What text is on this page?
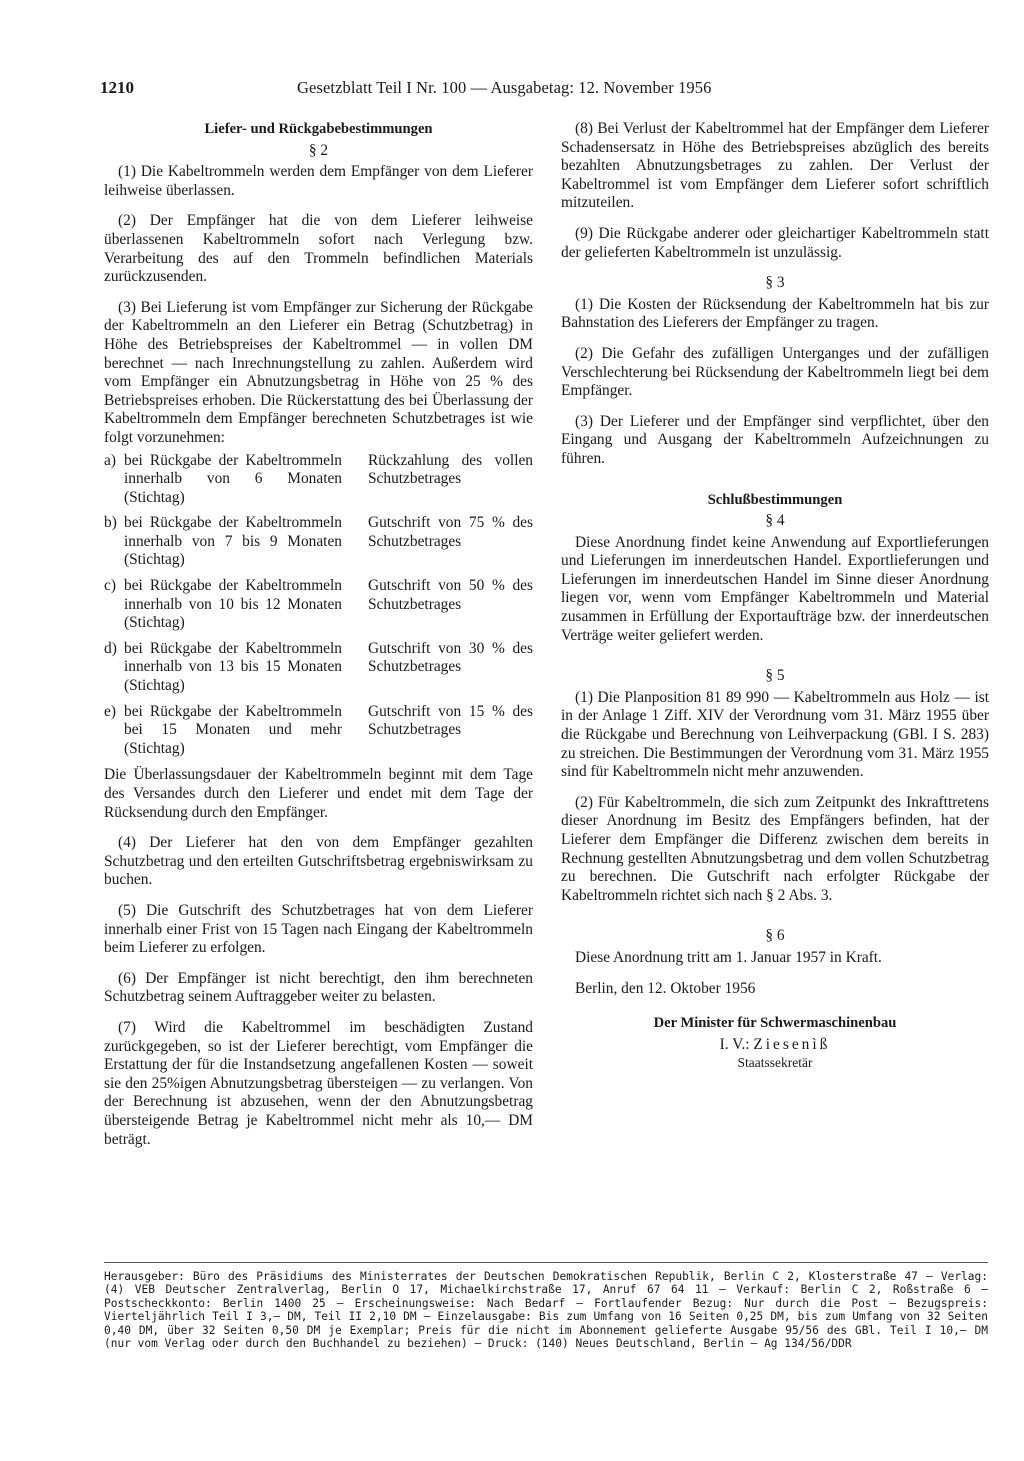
1210	Gesetzblatt Teil I Nr. 100 — Ausgabetag: 12. November 1956
Liefer- und Rückgabebestimmungen
§ 2

(1) Die Kabeltrommeln werden dem Empfänger von dem Lieferer leihweise überlassen.

(2) Der Empfänger hat die von dem Lieferer leihweise überlassenen Kabeltrommeln sofort nach Verlegung bzw. Verarbeitung des auf den Trommeln befindlichen Materials zurückzusenden.

(3) Bei Lieferung ist vom Empfänger zur Sicherung der Rückgabe der Kabeltrommeln an den Lieferer ein Betrag (Schutzbetrag) in Höhe des Betriebspreises der Kabeltrommel — in vollen DM berechnet — nach Inrechnungstellung zu zahlen. Außerdem wird vom Empfänger ein Abnutzungsbetrag in Höhe von 25 % des Betriebspreises erhoben. Die Rückerstattung des bei Überlassung der Kabeltrommeln dem Empfänger berechneten Schutzbetrages ist wie folgt vorzunehmen:

a) bei Rückgabe der Kabeltrommeln innerhalb von 6 Monaten (Stichtag)
Rückzahlung des vollen Schutzbetrages
b) bei Rückgabe der Kabeltrommeln innerhalb von 7 bis 9 Monaten (Stichtag)
Gutschrift von 75 % des Schutzbetrages
c) bei Rückgabe der Kabeltrommeln innerhalb von 10 bis 12 Monaten (Stichtag)
Gutschrift von 50 % des Schutzbetrages
d) bei Rückgabe der Kabeltrommeln innerhalb von 13 bis 15 Monaten (Stichtag)
Gutschrift von 30 % des Schutzbetrages
e) bei Rückgabe der Kabeltrommeln bei 15 Monaten und mehr (Stichtag)
Gutschrift von 15 % des Schutzbetrages

Die Überlassungsdauer der Kabeltrommeln beginnt mit dem Tage des Versandes durch den Lieferer und endet mit dem Tage der Rücksendung durch den Empfänger.

(4) Der Lieferer hat den von dem Empfänger gezahlten Schutzbetrag und den erteilten Gutschriftsbetrag ergebniswirksam zu buchen.

(5) Die Gutschrift des Schutzbetrages hat von dem Lieferer innerhalb einer Frist von 15 Tagen nach Eingang der Kabeltrommeln beim Lieferer zu erfolgen.

(6) Der Empfänger ist nicht berechtigt, den ihm berechneten Schutzbetrag seinem Auftraggeber weiter zu belasten.

(7) Wird die Kabeltrommel im beschädigten Zustand zurückgegeben, so ist der Lieferer berechtigt, vom Empfänger die Erstattung der für die Instandsetzung angefallenen Kosten — soweit sie den 25%igen Abnutzungsbetrag übersteigen — zu verlangen. Von der Berechnung ist abzusehen, wenn der den Abnutzungsbetrag übersteigende Betrag je Kabeltrommel nicht mehr als 10,— DM beträgt.

(8) Bei Verlust der Kabeltrommel hat der Empfänger dem Lieferer Schadensersatz in Höhe des Betriebspreises abzüglich des bereits bezahlten Abnutzungsbetrages zu zahlen. Der Verlust der Kabeltrommel ist vom Empfänger dem Lieferer sofort schriftlich mitzuteilen.

(9) Die Rückgabe anderer oder gleichartiger Kabeltrommeln statt der gelieferten Kabeltrommeln ist unzulässig.

§ 3

(1) Die Kosten der Rücksendung der Kabeltrommeln hat bis zur Bahnstation des Lieferers der Empfänger zu tragen.

(2) Die Gefahr des zufälligen Unterganges und der zufälligen Verschlechterung bei Rücksendung der Kabeltrommeln liegt bei dem Empfänger.

(3) Der Lieferer und der Empfänger sind verpflichtet, über den Eingang und Ausgang der Kabeltrommeln Aufzeichnungen zu führen.

Schlußbestimmungen
§ 4

Diese Anordnung findet keine Anwendung auf Exportlieferungen und Lieferungen im innerdeutschen Handel. Exportlieferungen und Lieferungen im innerdeutschen Handel im Sinne dieser Anordnung liegen vor, wenn vom Empfänger Kabeltrommeln und Material zusammen in Erfüllung der Exportaufträge bzw. der innerdeutschen Verträge weiter geliefert werden.

§ 5

(1) Die Planposition 81 89 990 — Kabeltrommeln aus Holz — ist in der Anlage 1 Ziff. XIV der Verordnung vom 31. März 1955 über die Rückgabe und Berechnung von Leihverpackung (GBl. I S. 283) zu streichen. Die Bestimmungen der Verordnung vom 31. März 1955 sind für Kabeltrommeln nicht mehr anzuwenden.

(2) Für Kabeltrommeln, die sich zum Zeitpunkt des Inkrafttretens dieser Anordnung im Besitz des Empfängers befinden, hat der Lieferer dem Empfänger die Differenz zwischen dem bereits in Rechnung gestellten Abnutzungsbetrag und dem vollen Schutzbetrag zu berechnen. Die Gutschrift nach erfolgter Rückgabe der Kabeltrommeln richtet sich nach § 2 Abs. 3.

§ 6

Diese Anordnung tritt am 1. Januar 1957 in Kraft.

Berlin, den 12. Oktober 1956
Der Minister für Schwermaschinenbau
I. V.: Ziesenìß
Staatssekretär
Herausgeber: Büro des Präsidiums des Ministerrates der Deutschen Demokratischen Republik, Berlin C 2, Klosterstraße 47 — Verlag: (4) VEB Deutscher Zentralverlag, Berlin O 17, Michaelkirchstraße 17, Anruf 67 64 11 — Verkauf: Berlin C 2, Roßstraße 6 — Postscheckkonto: Berlin 1400 25 — Erscheinungsweise: Nach Bedarf — Fortlaufender Bezug: Nur durch die Post — Bezugspreis: Vierteljährlich Teil I 3,— DM, Teil II 2,10 DM — Einzelausgabe: Bis zum Umfang von 16 Seiten 0,25 DM, bis zum Umfang von 32 Seiten 0,40 DM, über 32 Seiten 0,50 DM je Exemplar; Preis für die nicht im Abonnement gelieferte Ausgabe 95/56 des GBl. Teil I 10,— DM (nur vom Verlag oder durch den Buchhandel zu beziehen) — Druck: (140) Neues Deutschland, Berlin — Ag 134/56/DDR
